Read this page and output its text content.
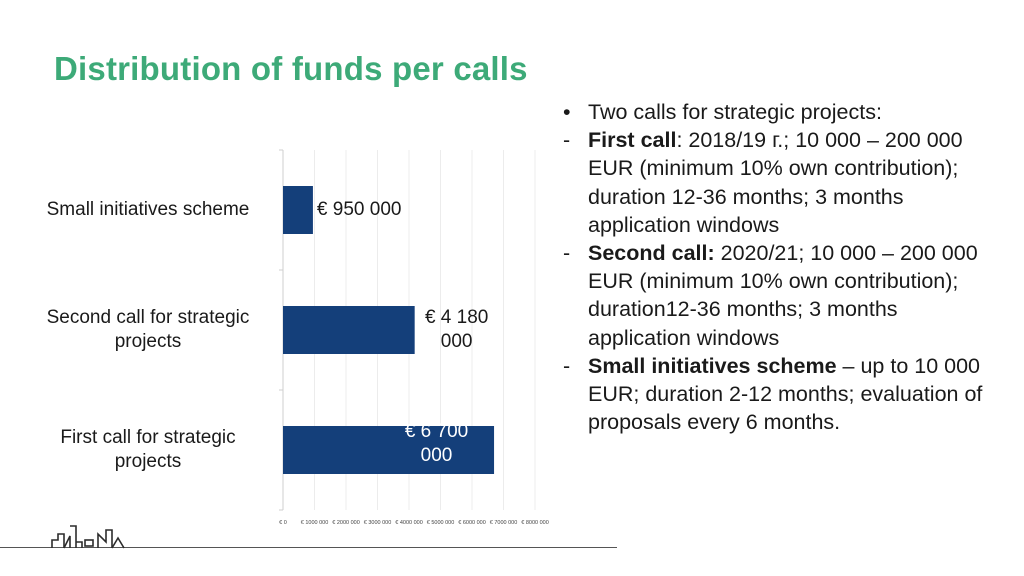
Distribution of funds per calls
€ 0	€ 1000 000 € 2000 000 € 3000 000 € 4000 000 € 5000 000 € 6000 000 € 7000 000 € 8000 000
Small initiatives scheme	€ 950 000
Second call for strategic projects
€ 4 180 000
First call for strategic projects
€ 6 700 000
• Two calls for strategic projects:
- First call: 2018/19 г.; 10 000 – 200 000 EUR (minimum 10% own contribution); duration 12-36 months; 3 months application windows
- Second call: 2020/21; 10 000 – 200 000 EUR (minimum 10% own contribution); duration12-36 months; 3 months application windows
- Small initiatives scheme – up to 10 000 EUR; duration 2-12 months; evaluation of proposals every 6 months.
